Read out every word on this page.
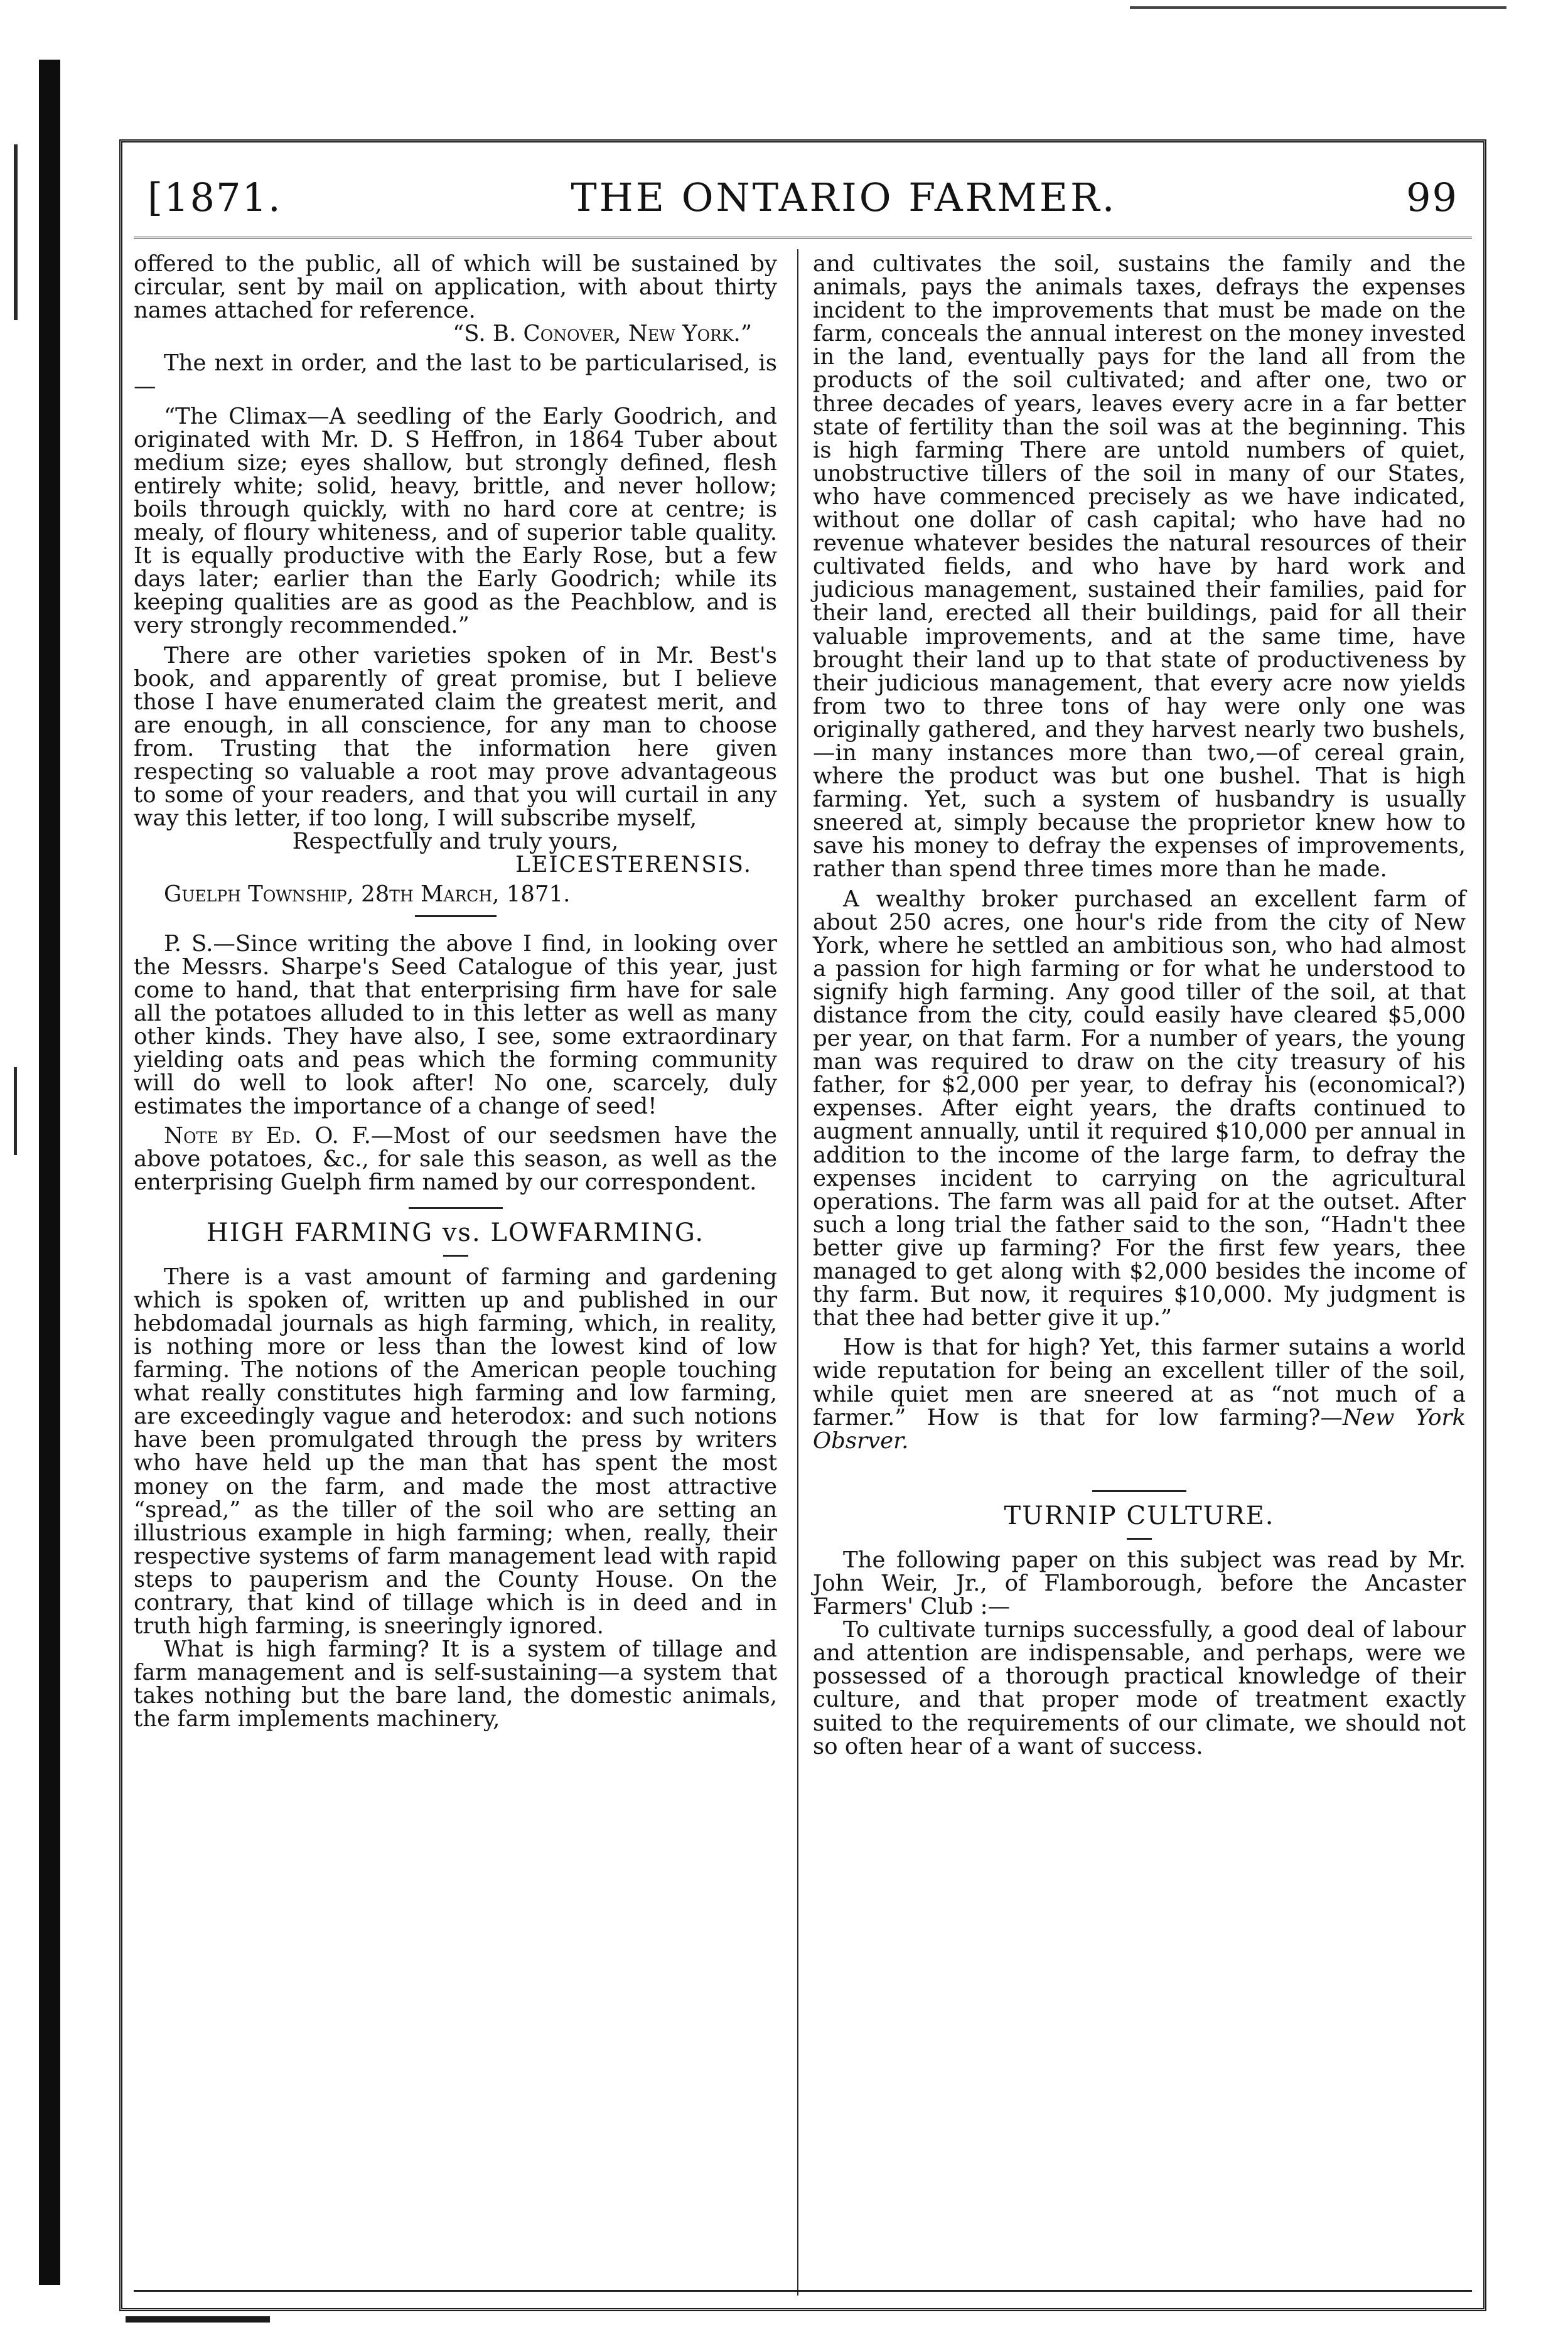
[1871.	THE ONTARIO FARMER.	99

offered to the public, all of which will be sustained by circular, sent by mail on application, with about thirty names attached for reference.

“S. B. Conover, New York.”

The next in order, and the last to be particularised, is—

“The Climax—A seedling of the Early Goodrich, and originated with Mr. D. S Heffron, in 1864 Tuber about medium size; eyes shallow, but strongly defined, flesh entirely white; solid, heavy, brittle, and never hollow; boils through quickly, with no hard core at centre; is mealy, of floury whiteness, and of superior table quality. It is equally productive with the Early Rose, but a few days later; earlier than the Early Goodrich; while its keeping qualities are as good as the Peachblow, and is very strongly recommended.”

There are other varieties spoken of in Mr. Best's book, and apparently of great promise, but I believe those I have enumerated claim the greatest merit, and are enough, in all conscience, for any man to choose from. Trusting that the information here given respecting so valuable a root may prove advantageous to some of your readers, and that you will curtail in any way this letter, if too long, I will subscribe myself,

Respectfully and truly yours,

LEICESTERENSIS.

Guelph Township, 28th March, 1871.

P. S.—Since writing the above I find, in looking over the Messrs. Sharpe's Seed Catalogue of this year, just come to hand, that that enterprising firm have for sale all the potatoes alluded to in this letter as well as many other kinds. They have also, I see, some extraordinary yielding oats and peas which the forming community will do well to look after! No one, scarcely, duly estimates the importance of a change of seed!

Note by Ed. O. F.—Most of our seedsmen have the above potatoes, &c., for sale this season, as well as the enterprising Guelph firm named by our correspondent.

HIGH FARMING vs. LOWFARMING.

There is a vast amount of farming and gardening which is spoken of, written up and published in our hebdomadal journals as high farming, which, in reality, is nothing more or less than the lowest kind of low farming. The notions of the American people touching what really constitutes high farming and low farming, are exceedingly vague and heterodox: and such notions have been promulgated through the press by writers who have held up the man that has spent the most money on the farm, and made the most attractive “spread,” as the tiller of the soil who are setting an illustrious example in high farming; when, really, their respective systems of farm management lead with rapid steps to pauperism and the County House. On the contrary, that kind of tillage which is in deed and in truth high farming, is sneeringly ignored.

What is high farming? It is a system of tillage and farm management and is self-sustaining—a system that takes nothing but the bare land, the domestic animals, the farm implements machinery,

and cultivates the soil, sustains the family and the animals, pays the animals taxes, defrays the expenses incident to the improvements that must be made on the farm, conceals the annual interest on the money invested in the land, eventually pays for the land all from the products of the soil cultivated; and after one, two or three decades of years, leaves every acre in a far better state of fertility than the soil was at the beginning. This is high farming There are untold numbers of quiet, unobstructive tillers of the soil in many of our States, who have commenced precisely as we have indicated, without one dollar of cash capital; who have had no revenue whatever besides the natural resources of their cultivated fields, and who have by hard work and judicious management, sustained their families, paid for their land, erected all their buildings, paid for all their valuable improvements, and at the same time, have brought their land up to that state of productiveness by their judicious management, that every acre now yields from two to three tons of hay were only one was originally gathered, and they harvest nearly two bushels,—in many instances more than two,—of cereal grain, where the product was but one bushel. That is high farming. Yet, such a system of husbandry is usually sneered at, simply because the proprietor knew how to save his money to defray the expenses of improvements, rather than spend three times more than he made.

A wealthy broker purchased an excellent farm of about 250 acres, one hour's ride from the city of New York, where he settled an ambitious son, who had almost a passion for high farming or for what he understood to signify high farming. Any good tiller of the soil, at that distance from the city, could easily have cleared $5,000 per year, on that farm. For a number of years, the young man was required to draw on the city treasury of his father, for $2,000 per year, to defray his (economical?) expenses. After eight years, the drafts continued to augment annually, until it required $10,000 per annual in addition to the income of the large farm, to defray the expenses incident to carrying on the agricultural operations. The farm was all paid for at the outset. After such a long trial the father said to the son, “Hadn't thee better give up farming? For the first few years, thee managed to get along with $2,000 besides the income of thy farm. But now, it requires $10,000. My judgment is that thee had better give it up.”

How is that for high? Yet, this farmer sutains a world wide reputation for being an excellent tiller of the soil, while quiet men are sneered at as “not much of a farmer.” How is that for low farming?—New York Obsrver.

TURNIP CULTURE.

The following paper on this subject was read by Mr. John Weir, Jr., of Flamborough, before the Ancaster Farmers' Club :—

To cultivate turnips successfully, a good deal of labour and attention are indispensable, and perhaps, were we possessed of a thorough practical knowledge of their culture, and that proper mode of treatment exactly suited to the requirements of our climate, we should not so often hear of a want of success.
